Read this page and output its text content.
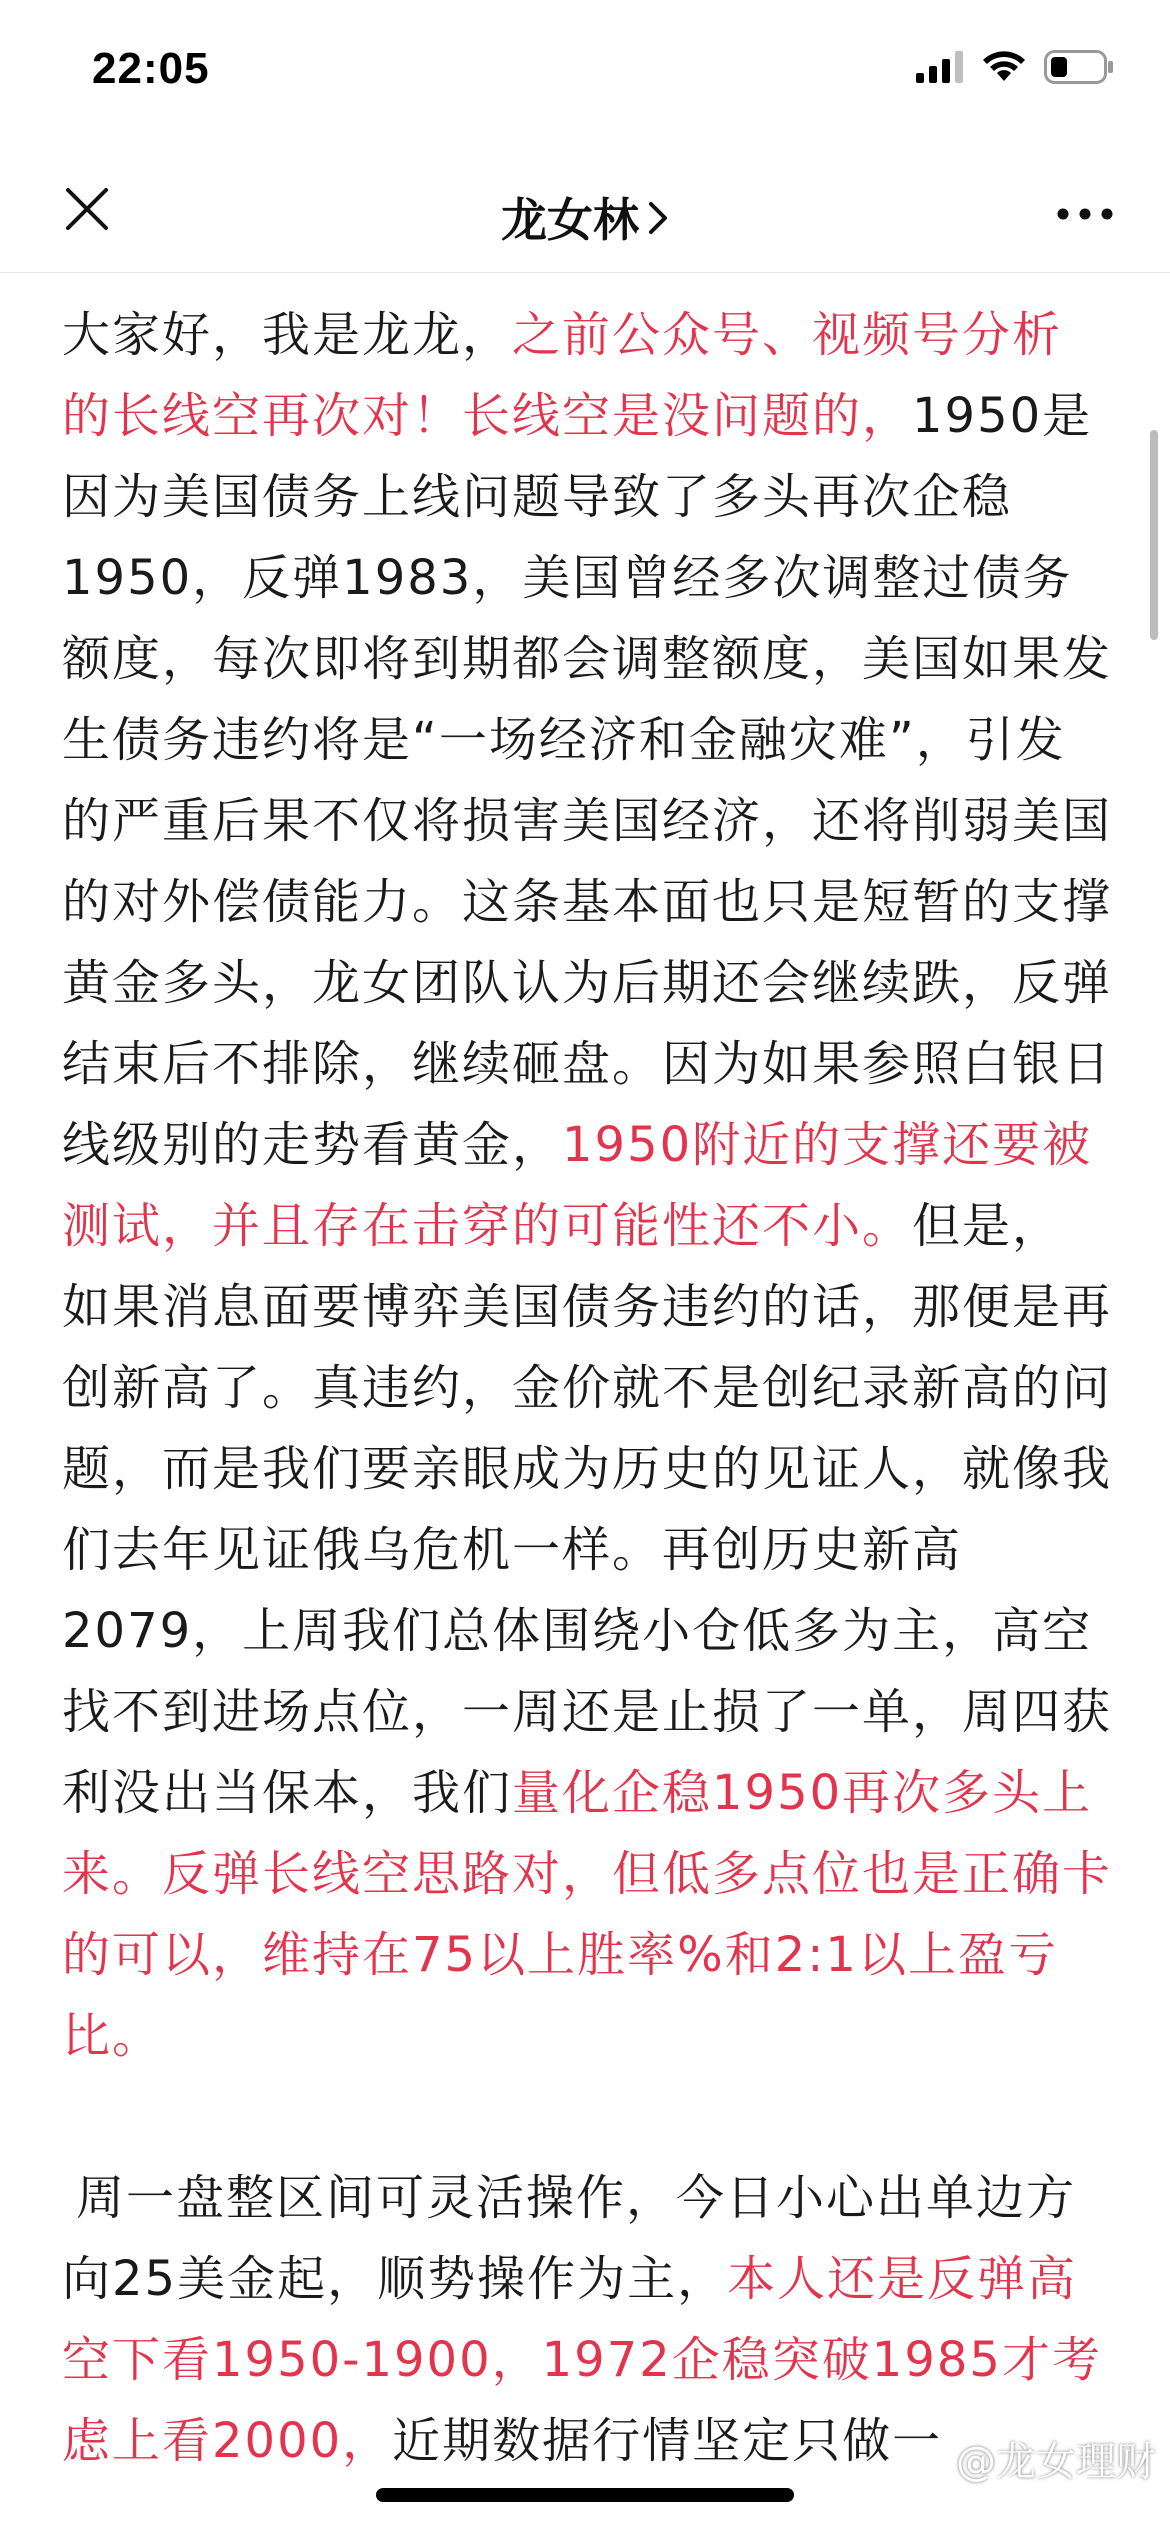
22:05
龙女林

大家好，我是龙龙，之前公众号、视频号分析的长线空再次对！长线空是没问题的，1950是因为美国债务上线问题导致了多头再次企稳1950，反弹1983，美国曾经多次调整过债务额度，每次即将到期都会调整额度，美国如果发生债务违约将是“一场经济和金融灾难”，引发的严重后果不仅将损害美国经济，还将削弱美国的对外偿债能力。这条基本面也只是短暂的支撑黄金多头，龙女团队认为后期还会继续跌，反弹结束后不排除，继续砸盘。因为如果参照白银日线级别的走势看黄金，1950附近的支撑还要被测试，并且存在击穿的可能性还不小。但是，如果消息面要博弈美国债务违约的话，那便是再创新高了。真违约，金价就不是创纪录新高的问题，而是我们要亲眼成为历史的见证人，就像我们去年见证俄乌危机一样。再创历史新高2079，上周我们总体围绕小仓低多为主，高空找不到进场点位，一周还是止损了一单，周四获利没出当保本，我们量化企稳1950再次多头上来。反弹长线空思路对，但低多点位也是正确卡的可以，维持在75以上胜率%和2:1以上盈亏比。

周一盘整区间可灵活操作，今日小心出单边方向25美金起，顺势操作为主，本人还是反弹高空下看1950-1900，1972企稳突破1985才考虑上看2000，近期数据行情坚定只做一 @龙女理财
